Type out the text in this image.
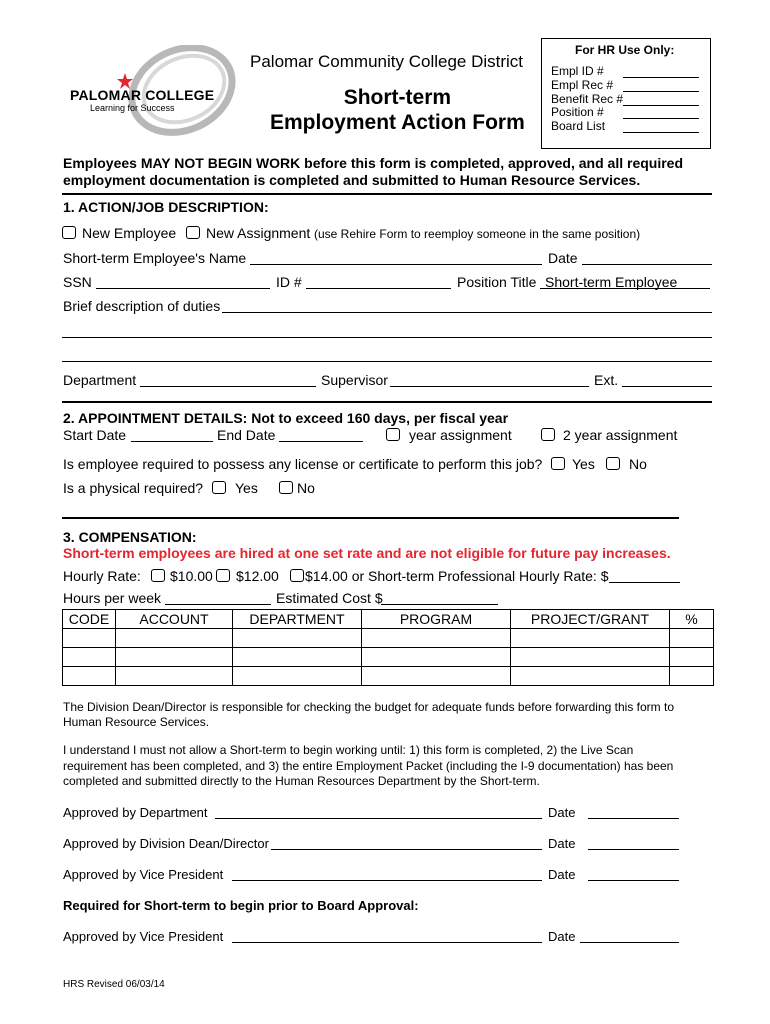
PALOMAR COLLEGE
Learning for Success
Palomar Community College District
Short-term
Employment Action Form
For HR Use Only:
Empl ID #
Empl Rec #
Benefit Rec #
Position #
Board List
Employees MAY NOT BEGIN WORK before this form is completed, approved, and all required
employment documentation is completed and submitted to Human Resource Services.
1. ACTION/JOB DESCRIPTION:
New Employee New Assignment (use Rehire Form to reemploy someone in the same position)
Short-term Employee's Name	Date
SSN	ID #	Position Title Short-term Employee
Brief description of duties
Department	Supervisor	Ext.
2. APPOINTMENT DETAILS: Not to exceed 160 days, per fiscal year
Start Date	End Date	year assignment	2 year assignment
Is employee required to possess any license or certificate to perform this job? Yes No
Is a physical required? Yes	No
3. COMPENSATION:
Short-term employees are hired at one set rate and are not eligible for future pay increases.
Hourly Rate: $10.00 $12.00 $14.00 or Short-term Professional Hourly Rate: $
Hours per week	Estimated Cost $
CODE	ACCOUNT	DEPARTMENT	PROGRAM	PROJECT/GRANT	%

The Division Dean/Director is responsible for checking the budget for adequate funds before forwarding this form to
Human Resource Services.
I understand I must not allow a Short-term to begin working until: 1) this form is completed, 2) the Live Scan
requirement has been completed, and 3) the entire Employment Packet (including the I-9 documentation) has been
completed and submitted directly to the Human Resources Department by the Short-term.
Approved by Department	Date
Approved by Division Dean/Director	Date
Approved by Vice President	Date
Required for Short-term to begin prior to Board Approval:
Approved by Vice President	Date
HRS Revised 06/03/14
